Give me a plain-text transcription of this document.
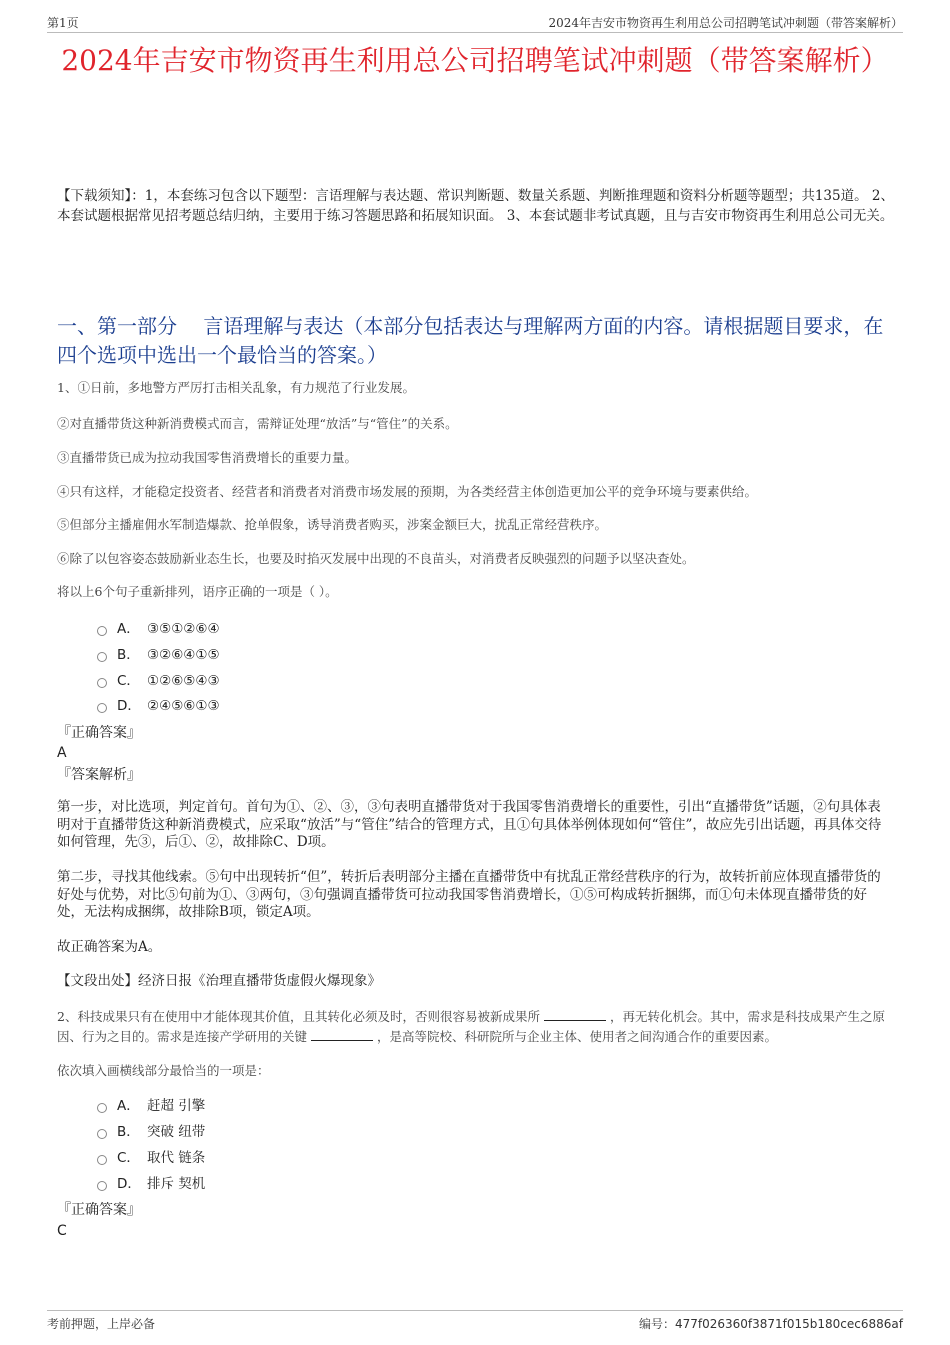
第1页	2024年吉安市物资再生利用总公司招聘笔试冲刺题（带答案解析）
2024年吉安市物资再生利用总公司招聘笔试冲刺题（带答案解析）
【下载须知】：1，本套练习包含以下题型：言语理解与表达题、常识判断题、数量关系题、判断推理题和资料分析题等题型；共135道。 2、本套试题根据常见招考题总结归纳，主要用于练习答题思路和拓展知识面。 3、本套试题非考试真题，且与吉安市物资再生利用总公司无关。
一、第一部分　 言语理解与表达（本部分包括表达与理解两方面的内容。请根据题目要求，在四个选项中选出一个最恰当的答案。）
1、①日前，多地警方严厉打击相关乱象，有力规范了行业发展。
②对直播带货这种新消费模式而言，需辩证处理“放活”与“管住”的关系。
③直播带货已成为拉动我国零售消费增长的重要力量。
④只有这样，才能稳定投资者、经营者和消费者对消费市场发展的预期，为各类经营主体创造更加公平的竞争环境与要素供给。
⑤但部分主播雇佣水军制造爆款、抢单假象，诱导消费者购买，涉案金额巨大，扰乱正常经营秩序。
⑥除了以包容姿态鼓励新业态生长，也要及时掐灭发展中出现的不良苗头，对消费者反映强烈的问题予以坚决查处。
将以上6个句子重新排列，语序正确的一项是（ ）。
A． ③⑤①②⑥④
B． ③②⑥④①⑤
C． ①②⑥⑤④③
D． ②④⑤⑥①③
『正确答案』
A
『答案解析』
第一步，对比选项，判定首句。首句为①、②、③，③句表明直播带货对于我国零售消费增长的重要性，引出“直播带货”话题，②句具体表明对于直播带货这种新消费模式，应采取“放活”与“管住”结合的管理方式，且①句具体举例体现如何“管住”，故应先引出话题，再具体交待如何管理，先③，后①、②，故排除C、D项。
第二步，寻找其他线索。⑤句中出现转折“但”，转折后表明部分主播在直播带货中有扰乱正常经营秩序的行为，故转折前应体现直播带货的好处与优势，对比⑤句前为①、③两句，③句强调直播带货可拉动我国零售消费增长，①⑤可构成转折捆绑，而①句未体现直播带货的好处，无法构成捆绑，故排除B项，锁定A项。
故正确答案为A。
【文段出处】经济日报《治理直播带货虚假火爆现象》
2、科技成果只有在使用中才能体现其价值，且其转化必须及时，否则很容易被新成果所	，再无转化机会。其中，需求是科技成果产生之原因、行为之目的。需求是连接产学研用的关键	，是高等院校、科研院所与企业主体、使用者之间沟通合作的重要因素。
依次填入画横线部分最恰当的一项是：
A． 赶超 引擎
B． 突破 纽带
C． 取代 链条
D． 排斥 契机
『正确答案』
C
考前押题，上岸必备	编号：477f026360f3871f015b180cec6886af
